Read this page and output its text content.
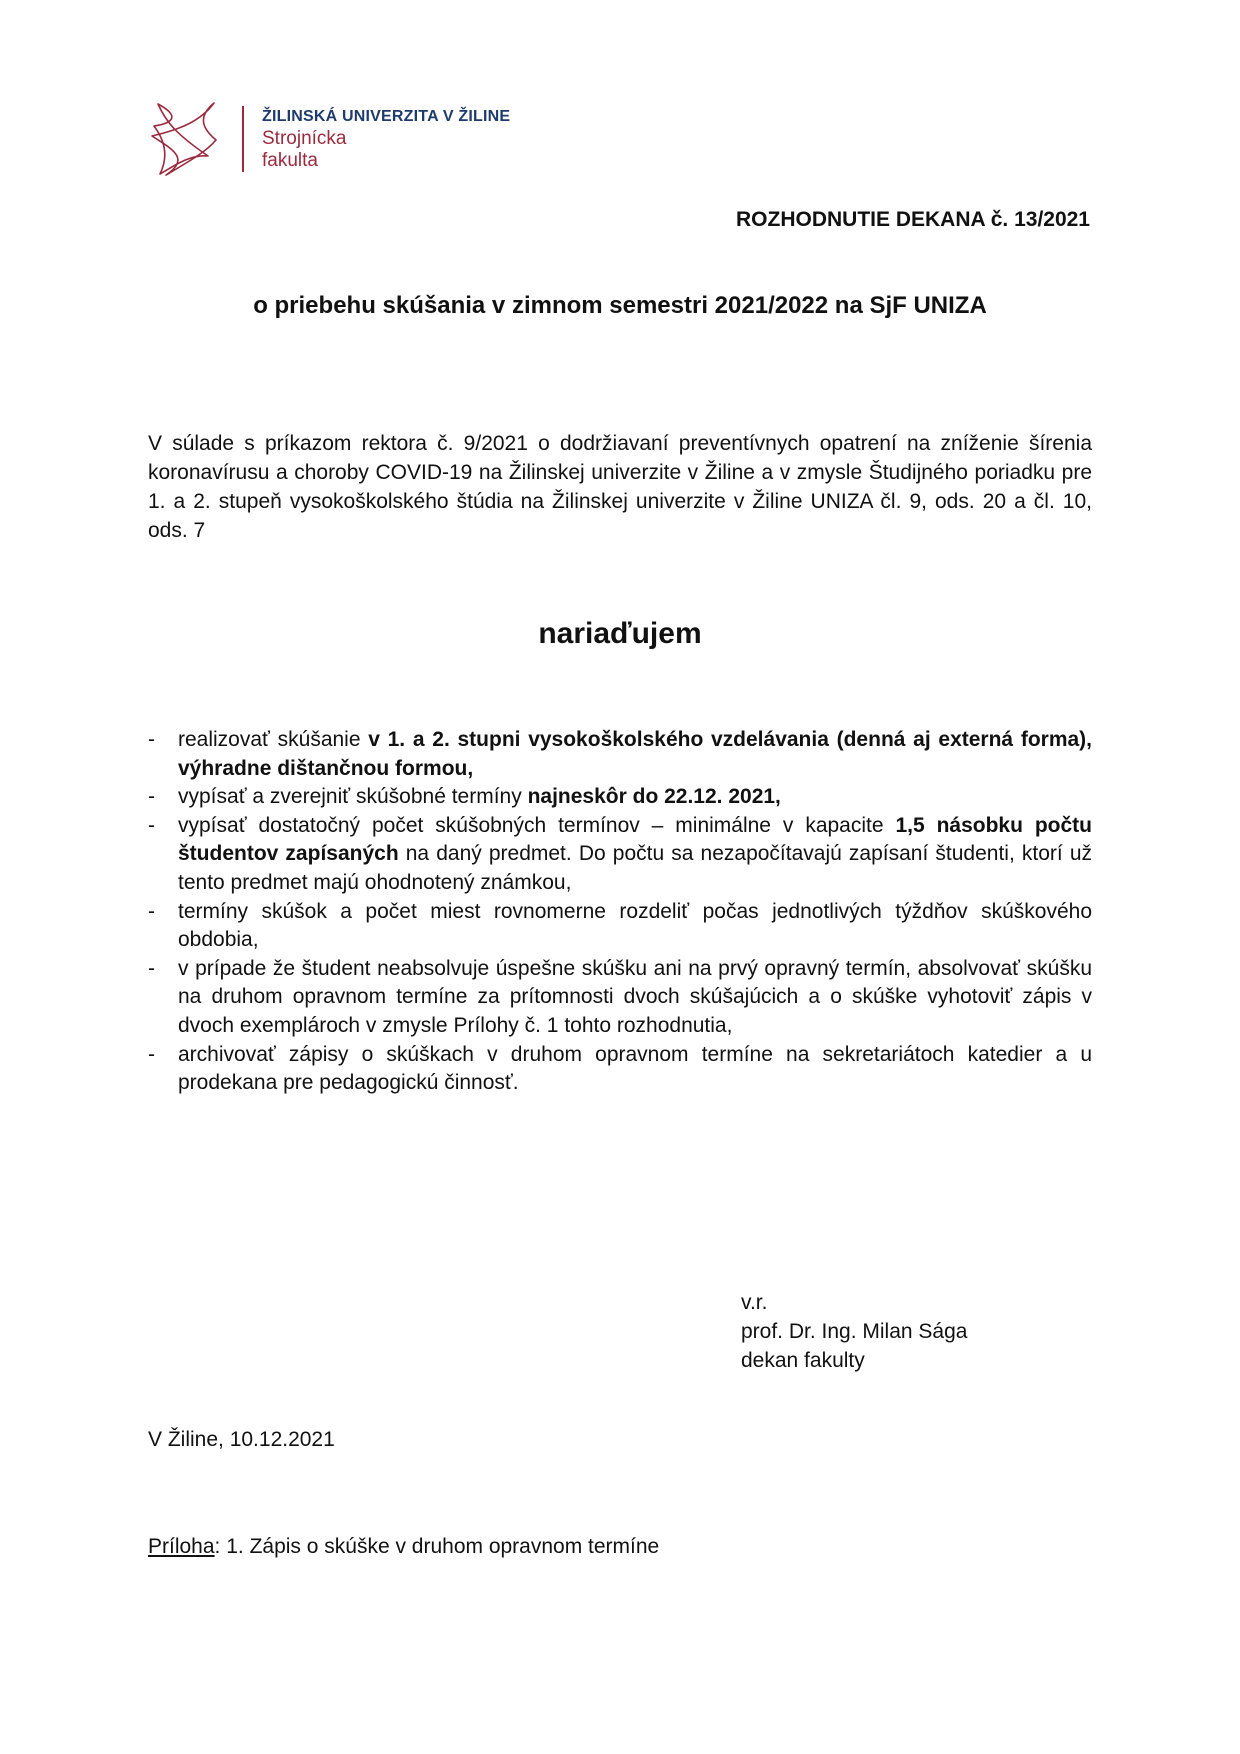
ŽILINSKÁ UNIVERZITA V ŽILINE
Strojnícka
fakulta
ROZHODNUTIE DEKANA č. 13/2021
o priebehu skúšania v zimnom semestri 2021/2022 na SjF UNIZA

V súlade s príkazom rektora č. 9/2021 o dodržiavaní preventívnych opatrení na zníženie šírenia koronavírusu a choroby COVID-19 na Žilinskej univerzite v Žiline a v zmysle Študijného poriadku pre 1. a 2. stupeň vysokoškolského štúdia na Žilinskej univerzite v Žiline UNIZA čl. 9, ods. 20 a čl. 10, ods. 7

nariaďujem
- realizovať skúšanie v 1. a 2. stupni vysokoškolského vzdelávania (denná aj externá forma), výhradne dištančnou formou,
- vypísať a zverejniť skúšobné termíny najneskôr do 22.12. 2021,
- vypísať dostatočný počet skúšobných termínov – minimálne v kapacite 1,5 násobku počtu študentov zapísaných na daný predmet. Do počtu sa nezapočítavajú zapísaní študenti, ktorí už tento predmet majú ohodnotený známkou,
- termíny skúšok a počet miest rovnomerne rozdeliť počas jednotlivých týždňov skúškového obdobia,
- v prípade že študent neabsolvuje úspešne skúšku ani na prvý opravný termín, absolvovať skúšku na druhom opravnom termíne za prítomnosti dvoch skúšajúcich a o skúške vyhotoviť zápis v dvoch exemplároch v zmysle Prílohy č. 1 tohto rozhodnutia,
- archivovať zápisy o skúškach v druhom opravnom termíne na sekretariátoch katedier a u prodekana pre pedagogickú činnosť.
v.r.
prof. Dr. Ing. Milan Sága
dekan fakulty
V Žiline, 10.12.2021
Príloha: 1. Zápis o skúške v druhom opravnom termíne
